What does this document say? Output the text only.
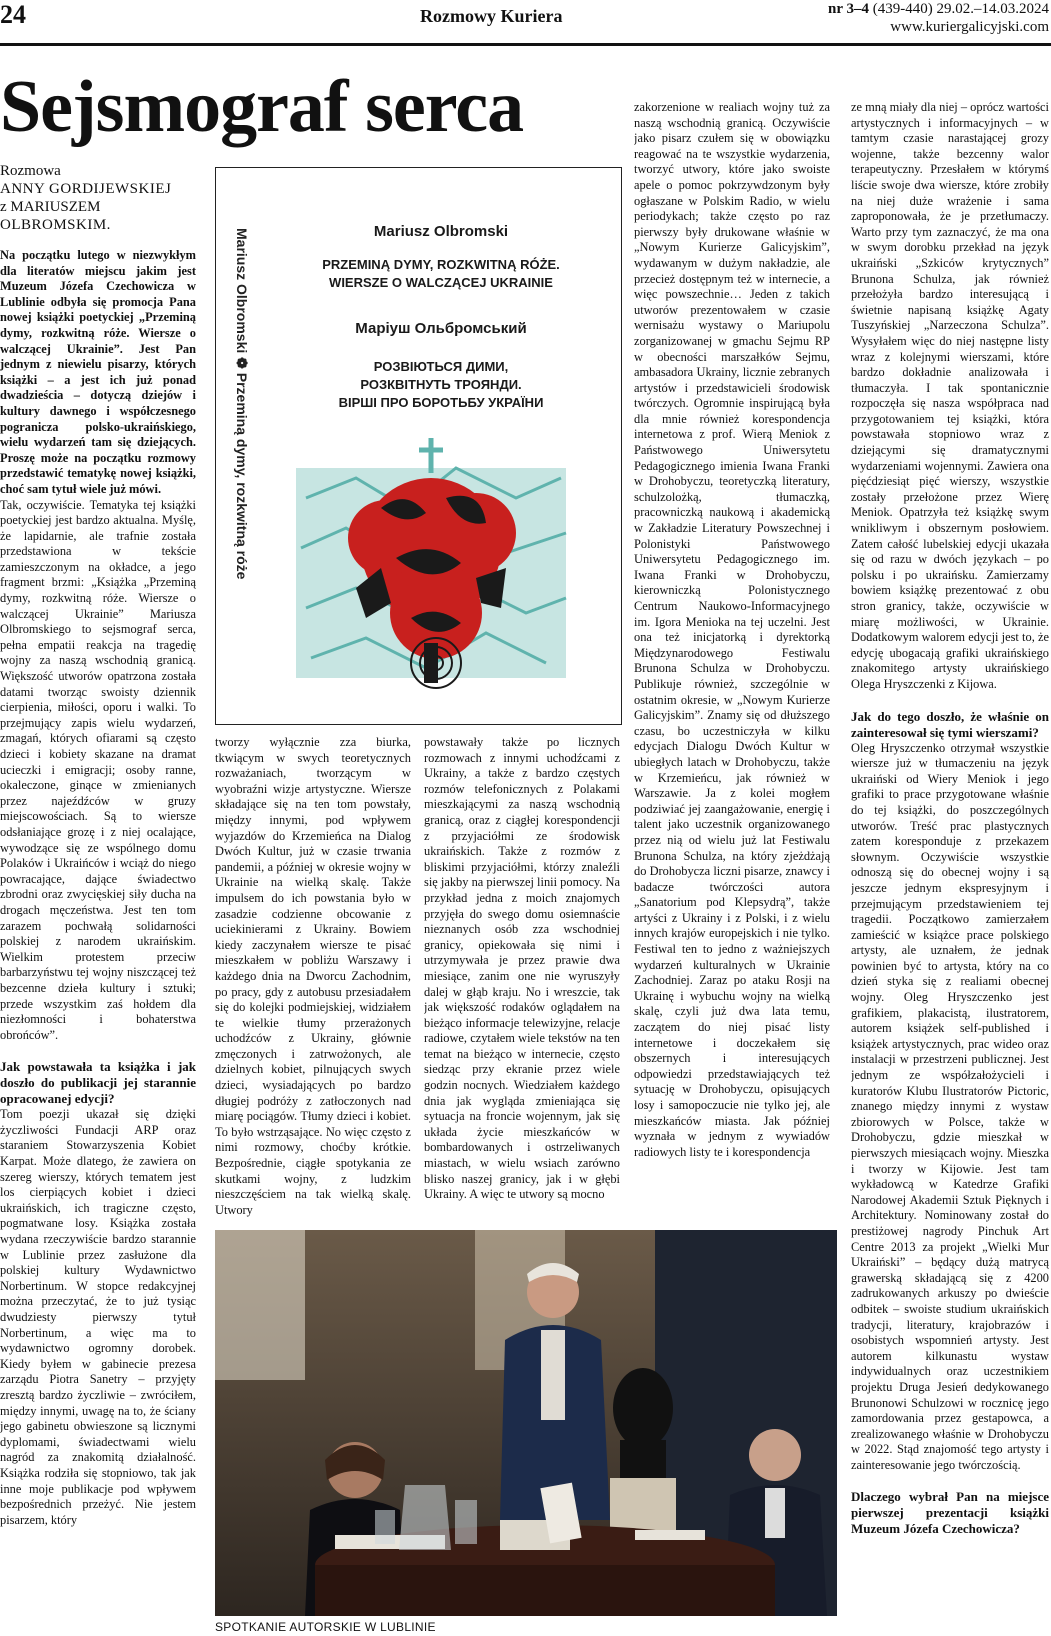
24	Rozmowy Kuriera	nr 3–4 (439-440) 29.02.–14.03.2024
www.kuriergalicyjski.com
Sejsmograf serca
Rozmowa
ANNY GORDIJEWSKIEJ
z MARIUSZEM
OLBROMSKIM.

Na początku lutego w niezwykłym dla literatów miejscu jakim jest Muzeum Józefa Czechowicza w Lublinie odbyła się promocja Pana nowej książki poetyckiej „Przeminą dymy, rozkwitną róże. Wiersze o walczącej Ukrainie”. Jest Pan jednym z niewielu pisarzy, których książki – a jest ich już ponad dwadzieścia – dotyczą dziejów i kultury dawnego i współczesnego pogranicza polsko-ukraińskiego, wielu wydarzeń tam się dziejących. Proszę może na początku rozmowy przedstawić tematykę nowej książki, choć sam tytuł wiele już mówi.

Tak, oczywiście. Tematyka tej książki poetyckiej jest bardzo aktualna. Myślę, że lapidarnie, ale trafnie została przedstawiona w tekście zamieszczonym na okładce, a jego fragment brzmi: „Książka „Przeminą dymy, rozkwitną róże. Wiersze o walczącej Ukrainie” Mariusza Olbromskiego to sejsmograf serca, pełna empatii reakcja na tragedię wojny za naszą wschodnią granicą. Większość utworów opatrzona została datami tworząc swoisty dziennik cierpienia, miłości, oporu i walki. To przejmujący zapis wielu wydarzeń, zmagań, których ofiarami są często dzieci i kobiety skazane na dramat ucieczki i emigracji; osoby ranne, okaleczone, ginące w zmienianych przez najeźdźców w gruzy miejscowościach. Są to wiersze odsłaniające grozę i z niej ocalające, wywodzące się ze wspólnego domu Polaków i Ukraińców i wciąż do niego powracające, dające świadectwo zbrodni oraz zwycięskiej siły ducha na drogach męczeństwa. Jest ten tom zarazem pochwałą solidarności polskiej z narodem ukraińskim. Wielkim protestem przeciw barbarzyństwu tej wojny niszczącej też bezcenne dzieła kultury i sztuki; przede wszystkim zaś hołdem dla niezłomności i bohaterstwa obrońców”.

Jak powstawała ta książka i jak doszło do publikacji jej starannie opracowanej edycji?

Tom poezji ukazał się dzięki życzliwości Fundacji ARP oraz staraniem Stowarzyszenia Kobiet Karpat. Może dlatego, że zawiera on szereg wierszy, których tematem jest los cierpiących kobiet i dzieci ukraińskich, ich tragiczne często, pogmatwane losy. Książka została wydana rzeczywiście bardzo starannie w Lublinie przez zasłużone dla polskiej kultury Wydawnictwo Norbertinum. W stopce redakcyjnej można przeczytać, że to już tysiąc dwudziesty pierwszy tytuł Norbertinum, a więc ma to wydawnictwo ogromny dorobek. Kiedy byłem w gabinecie prezesa zarządu Piotra Sanetry – przyjęty zresztą bardzo życzliwie – zwróciłem, między innymi, uwagę na to, że ściany jego gabinetu obwieszone są licznymi dyplomami, świadectwami wielu nagród za znakomitą działalność. Książka rodziła się stopniowo, tak jak inne moje publikacje pod wpływem bezpośrednich przeżyć. Nie jestem pisarzem, który

Mariusz Olbromski ❁ Przeminą dymy, rozkwitną róże	Mariusz Olbromski
PRZEMINĄ DYMY, ROZKWITNĄ RÓŻE.
WIERSZE O WALCZĄCEJ UKRAINIE
Маріуш Ольбромський
РОЗВІЮТЬСЯ ДИМИ,
РОЗКВІТНУТЬ ТРОЯНДИ.
ВІРШІ ПРО БОРОТЬБУ УКРАЇНИ

tworzy wyłącznie zza biurka, tkwiącym w swych teoretycznych rozważaniach, tworzącym w wyobraźni wizje artystyczne. Wiersze składające się na ten tom powstały, między innymi, pod wpływem wyjazdów do Krzemieńca na Dialog Dwóch Kultur, już w czasie trwania pandemii, a później w okresie wojny w Ukrainie na wielką skalę. Także impulsem do ich powstania było w zasadzie codzienne obcowanie z uciekinierami z Ukrainy. Bowiem kiedy zaczynałem wiersze te pisać mieszkałem w pobliżu Warszawy i każdego dnia na Dworcu Zachodnim, po pracy, gdy z autobusu przesiadałem się do kolejki podmiejskiej, widziałem te wielkie tłumy przerażonych uchodźców z Ukrainy, głównie zmęczonych i zatrwożonych, ale dzielnych kobiet, pilnujących swych dzieci, wysiadających po bardzo długiej podróży z zatłoczonych nad miarę pociągów. Tłumy dzieci i kobiet. To było wstrząsające. No więc często z nimi rozmowy, choćby krótkie. Bezpośrednie, ciągłe spotykania ze skutkami wojny, z ludzkim nieszczęściem na tak wielką skalę. Utwory

powstawały także po licznych rozmowach z innymi uchodźcami z Ukrainy, a także z bardzo częstych rozmów telefonicznych z Polakami mieszkającymi za naszą wschodnią granicą, oraz z ciągłej korespondencji z przyjaciółmi ze środowisk ukraińskich. Także z rozmów z bliskimi przyjaciółmi, którzy znaleźli się jakby na pierwszej linii pomocy. Na przykład jedna z moich znajomych przyjęła do swego domu osiemnaście nieznanych osób zza wschodniej granicy, opiekowała się nimi i utrzymywała je przez prawie dwa miesiące, zanim one nie wyruszyły dalej w głąb kraju. No i wreszcie, tak jak większość rodaków oglądałem na bieżąco informacje telewizyjne, relacje radiowe, czytałem wiele tekstów na ten temat na bieżąco w internecie, często siedząc przy ekranie przez wiele godzin nocnych. Wiedziałem każdego dnia jak wygląda zmieniająca się sytuacja na froncie wojennym, jak się układa życie mieszkańców w bombardowanych i ostrzeliwanych miastach, w wielu wsiach zarówno blisko naszej granicy, jak i w głębi Ukrainy. A więc te utwory są mocno

zakorzenione w realiach wojny tuż za naszą wschodnią granicą. Oczywiście jako pisarz czułem się w obowiązku reagować na te wszystkie wydarzenia, tworzyć utwory, które jako swoiste apele o pomoc pokrzywdzonym były ogłaszane w Polskim Radio, w wielu periodykach; także często po raz pierwszy były drukowane właśnie w „Nowym Kurierze Galicyjskim”, wydawanym w dużym nakładzie, ale przecież dostępnym też w internecie, a więc powszechnie… Jeden z takich utworów prezentowałem w czasie wernisażu wystawy o Mariupolu zorganizowanej w gmachu Sejmu RP w obecności marszałków Sejmu, ambasadora Ukrainy, licznie zebranych artystów i przedstawicieli środowisk twórczych. Ogromnie inspirującą była dla mnie również korespondencja internetowa z prof. Wierą Meniok z Państwowego Uniwersytetu Pedagogicznego imienia Iwana Franki w Drohobyczu, teoretyczką literatury, schulzolożką, tłumaczką, pracowniczką naukową i akademicką w Zakładzie Literatury Powszechnej i Polonistyki Państwowego Uniwersytetu Pedagogicznego im. Iwana Franki w Drohobyczu, kierowniczką Polonistycznego Centrum Naukowo-Informacyjnego im. Igora Menioka na tej uczelni. Jest ona też inicjatorką i dyrektorką Międzynarodowego Festiwalu Brunona Schulza w Drohobyczu. Publikuje również, szczególnie w ostatnim okresie, w „Nowym Kurierze Galicyjskim”. Znamy się od dłuższego czasu, bo uczestniczyła w kilku edycjach Dialogu Dwóch Kultur w ubiegłych latach w Drohobyczu, także w Krzemieńcu, jak również w Warszawie. Ja z kolei mogłem podziwiać jej zaangażowanie, energię i talent jako uczestnik organizowanego przez nią od wielu już lat Festiwalu Brunona Schulza, na który zjeżdżają do Drohobycza liczni pisarze, znawcy i badacze twórczości autora „Sanatorium pod Klepsydrą”, także artyści z Ukrainy i z Polski, i z wielu innych krajów europejskich i nie tylko. Festiwal ten to jedno z ważniejszych wydarzeń kulturalnych w Ukrainie Zachodniej. Zaraz po ataku Rosji na Ukrainę i wybuchu wojny na wielką skalę, czyli już dwa lata temu, zaczątem do niej pisać listy internetowe i doczekałem się obszernych i interesujących odpowiedzi przedstawiających też sytuację w Drohobyczu, opisujących losy i samopoczucie nie tylko jej, ale mieszkańców miasta. Jak później wyznała w jednym z wywiadów radiowych listy te i korespondencja

ze mną miały dla niej – oprócz wartości artystycznych i informacyjnych – w tamtym czasie narastającej grozy wojenne, także bezcenny walor terapeutyczny. Przesłałem w którymś liście swoje dwa wiersze, które zrobiły na niej duże wrażenie i sama zaproponowała, że je przetłumaczy. Warto przy tym zaznaczyć, że ma ona w swym dorobku przekład na język ukraiński „Szkiców krytycznych” Brunona Schulza, jak również przełożyła bardzo interesującą i świetnie napisaną książkę Agaty Tuszyńskiej „Narzeczona Schulza”. Wysyłałem więc do niej następne listy wraz z kolejnymi wierszami, które bardzo dokładnie analizowała i tłumaczyła. I tak spontanicznie rozpoczęła się nasza współpraca nad przygotowaniem tej książki, która powstawała stopniowo wraz z dziejącymi się dramatycznymi wydarzeniami wojennymi. Zawiera ona pięćdziesiąt pięć wierszy, wszystkie zostały przełożone przez Wierę Meniok. Opatrzyła też książkę swym wnikliwym i obszernym posłowiem. Zatem całość lubelskiej edycji ukazała się od razu w dwóch językach – po polsku i po ukraińsku. Zamierzamy bowiem książkę prezentować z obu stron granicy, także, oczywiście w miarę możliwości, w Ukrainie. Dodatkowym walorem edycji jest to, że edycję ubogacają grafiki ukraińskiego znakomitego artysty ukraińskiego Olega Hryszczenki z Kijowa.

Jak do tego doszło, że właśnie on zainteresował się tymi wierszami?

Oleg Hryszczenko otrzymał wszystkie wiersze już w tłumaczeniu na język ukraiński od Wiery Meniok i jego grafiki to prace przygotowane właśnie do tej książki, do poszczególnych utworów. Treść prac plastycznych zatem koresponduje z przekazem słownym. Oczywiście wszystkie odnoszą się do obecnej wojny i są jeszcze jednym ekspresyjnym i przejmującym przedstawieniem tej tragedii. Początkowo zamierzałem zamieścić w książce prace polskiego artysty, ale uznałem, że jednak powinien być to artysta, który na co dzień styka się z realiami obecnej wojny. Oleg Hryszczenko jest grafikiem, plakacistą, ilustratorem, autorem książek self-published i książek artystycznych, prac wideo oraz instalacji w przestrzeni publicznej. Jest jednym ze współzałożycieli i kuratorów Klubu Ilustratorów Pictoric, znanego między innymi z wystaw zbiorowych w Polsce, także w Drohobyczu, gdzie mieszkał w pierwszych miesiącach wojny. Mieszka i tworzy w Kijowie. Jest tam wykładowcą w Katedrze Grafiki Narodowej Akademii Sztuk Pięknych i Architektury. Nominowany został do prestiżowej nagrody Pinchuk Art Centre 2013 za projekt „Wielki Mur Ukraiński” – będący dużą matrycą grawerską składającą się z 4200 zadrukowanych arkuszy po dwieście odbitek – swoiste studium ukraińskich tradycji, literatury, krajobrazów i osobistych wspomnień artysty. Jest autorem kilkunastu wystaw indywidualnych oraz uczestnikiem projektu Druga Jesień dedykowanego Brunonowi Schulzowi w rocznicę jego zamordowania przez gestapowca, a zrealizowanego właśnie w Drohobyczu w 2022. Stąd znajomość tego artysty i zainteresowanie jego twórczością.

Dlaczego wybrał Pan na miejsce pierwszej prezentacji książki Muzeum Józefa Czechowicza?

SPOTKANIE AUTORSKIE W LUBLINIE
